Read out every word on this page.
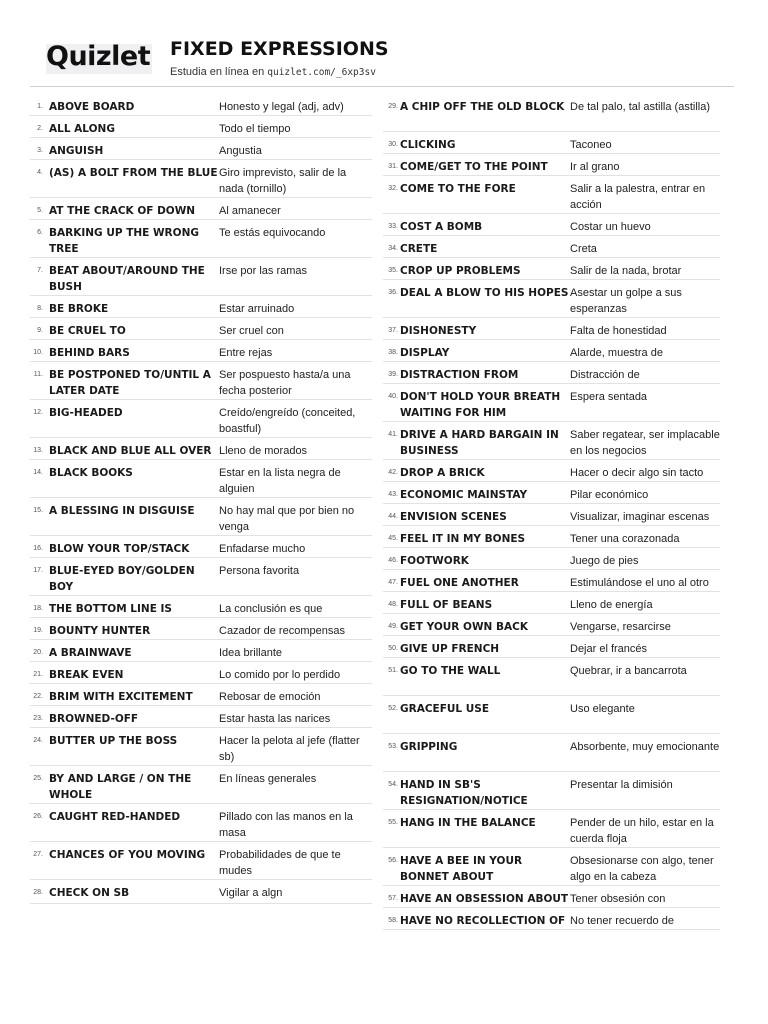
Quizlet FIXED EXPRESSIONS
Estudia en línea en quizlet.com/_6xp3sv
1. ABOVE BOARD	Honesto y legal (adj, adv)
2. ALL ALONG	Todo el tiempo
3. ANGUISH	Angustia
4. (AS) A BOLT FROM THE BLUE Giro imprevisto, salir de la nada (tornillo)
5. AT THE CRACK OF DOWN	Al amanecer
6. BARKING UP THE WRONG TREE
Te estás equivocando
7. BEAT ABOUT/AROUND THE BUSH
Irse por las ramas
8. BE BROKE	Estar arruinado
9. BE CRUEL TO	Ser cruel con
10. BEHIND BARS	Entre rejas
11. BE POSTPONED TO/UNTIL A LATER DATE
Ser pospuesto hasta/a una fecha posterior
12. BIG-HEADED	Creído/engreído (conceited, boastful)
13. BLACK AND BLUE ALL OVER Lleno de morados
14. BLACK BOOKS	Estar en la lista negra de alguien
15. A BLESSING IN DISGUISE	No hay mal que por bien no venga
16. BLOW YOUR TOP/STACK	Enfadarse mucho
17. BLUE-EYED BOY/GOLDEN BOY
Persona favorita
18. THE BOTTOM LINE IS	La conclusión es que
19. BOUNTY HUNTER	Cazador de recompensas
20. A BRAINWAVE	Idea brillante
21. BREAK EVEN	Lo comido por lo perdido
22. BRIM WITH EXCITEMENT	Rebosar de emoción
23. BROWNED-OFF	Estar hasta las narices
24. BUTTER UP THE BOSS	Hacer la pelota al jefe (flatter sb)
25. BY AND LARGE / ON THE WHOLE
En líneas generales
26. CAUGHT RED-HANDED	Pillado con las manos en la masa
27. CHANCES OF YOU MOVING	Probabilidades de que te mudes
28. CHECK ON SB	Vigilar a algn
29. A CHIP OFF THE OLD BLOCK De tal palo, tal astilla (astilla)
30. CLICKING	Taconeo
31. COME/GET TO THE POINT	Ir al grano
32. COME TO THE FORE	Salir a la palestra, entrar en acción
33. COST A BOMB	Costar un huevo
34. CRETE	Creta
35. CROP UP PROBLEMS	Salir de la nada, brotar
36. DEAL A BLOW TO HIS HOPES Asestar un golpe a sus esperanzas
37. DISHONESTY	Falta de honestidad
38. DISPLAY	Alarde, muestra de
39. DISTRACTION FROM	Distracción de
40. DON'T HOLD YOUR BREATH WAITING FOR HIM
Espera sentada
41. DRIVE A HARD BARGAIN IN BUSINESS
Saber regatear, ser implacable en los negocios
42. DROP A BRICK	Hacer o decir algo sin tacto
43. ECONOMIC MAINSTAY	Pilar económico
44. ENVISION SCENES	Visualizar, imaginar escenas
45. FEEL IT IN MY BONES	Tener una corazonada
46. FOOTWORK	Juego de pies
47. FUEL ONE ANOTHER	Estimulándose el uno al otro
48. FULL OF BEANS	Lleno de energía
49. GET YOUR OWN BACK	Vengarse, resarcirse
50. GIVE UP FRENCH	Dejar el francés
51. GO TO THE WALL	Quebrar, ir a bancarrota
52. GRACEFUL USE	Uso elegante
53. GRIPPING	Absorbente, muy emocionante
54. HAND IN SB'S RESIGNATION/NOTICE
Presentar la dimisión
55. HANG IN THE BALANCE	Pender de un hilo, estar en la cuerda floja
56. HAVE A BEE IN YOUR BONNET ABOUT
Obsesionarse con algo, tener algo en la cabeza
57. HAVE AN OBSESSION ABOUT Tener obsesión con
58. HAVE NO RECOLLECTION OF No tener recuerdo de
